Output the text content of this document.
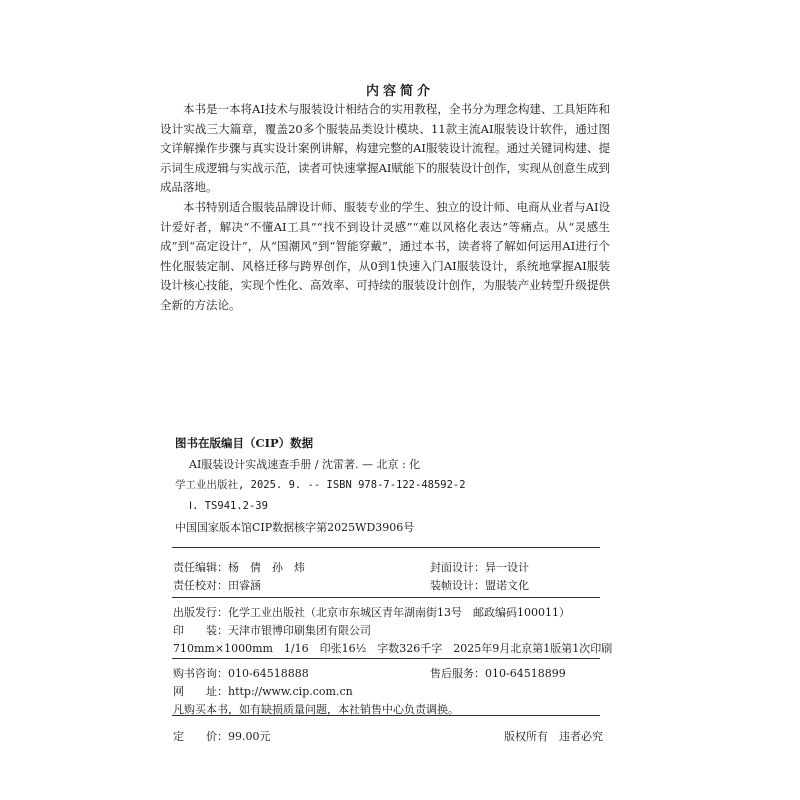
内容简介

本书是一本将AI技术与服装设计相结合的实用教程，全书分为理念构建、工具矩阵和设计实战三大篇章，覆盖20多个服装品类设计模块、11款主流AI服装设计软件，通过图文详解操作步骤与真实设计案例讲解，构建完整的AI服装设计流程。通过关键词构建、提示词生成逻辑与实战示范，读者可快速掌握AI赋能下的服装设计创作，实现从创意生成到成品落地。

本书特别适合服装品牌设计师、服装专业的学生、独立的设计师、电商从业者与AI设计爱好者，解决“不懂AI工具”“找不到设计灵感”“难以风格化表达”等痛点。从“灵感生成”到“高定设计”，从“国潮风”到“智能穿戴”，通过本书，读者将了解如何运用AI进行个性化服装定制、风格迁移与跨界创作，从0到1快速入门AI服装设计，系统地掌握AI服装设计核心技能，实现个性化、高效率、可持续的服装设计创作，为服装产业转型升级提供全新的方法论。

图书在版编目（CIP）数据
AI服装设计实战速查手册 / 沈雷著. — 北京 : 化
学工业出版社, 2025. 9. -- ISBN 978-7-122-48592-2
Ⅰ. TS941.2-39
中国国家版本馆CIP数据核字第2025WD3906号
责任编辑：杨　倩　孙　炜	封面设计：异一设计
责任校对：田睿涵	装帧设计：盟诺文化
出版发行：化学工业出版社（北京市东城区青年湖南街13号　邮政编码100011）
印　　装：天津市银博印刷集团有限公司
710mm×1000mm　1/16　印张16½　字数326千字　2025年9月北京第1版第1次印刷
购书咨询：010-64518888	售后服务：010-64518899
网　　址：http://www.cip.com.cn
凡购买本书，如有缺损质量问题，本社销售中心负责调换。
定　　价：99.00元	版权所有　违者必究
